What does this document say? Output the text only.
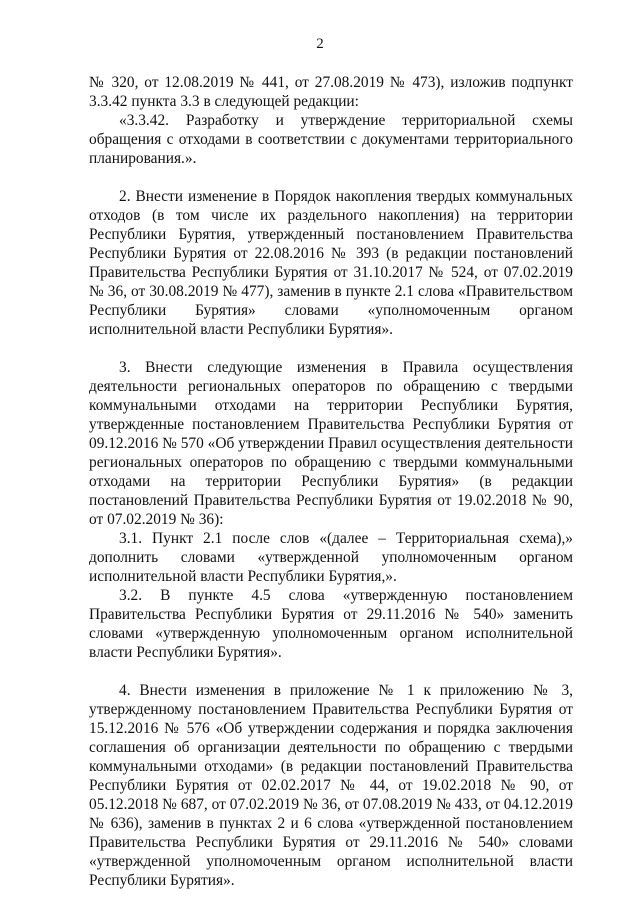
2

№ 320, от 12.08.2019 № 441, от 27.08.2019 № 473), изложив подпункт 3.3.42 пункта 3.3 в следующей редакции:

«3.3.42. Разработку и утверждение территориальной схемы обращения с отходами в соответствии с документами территориального планирования.».

2. Внести изменение в Порядок накопления твердых коммунальных отходов (в том числе их раздельного накопления) на территории Республики Бурятия, утвержденный постановлением Правительства Республики Бурятия от 22.08.2016 № 393 (в редакции постановлений Правительства Республики Бурятия от 31.10.2017 № 524, от 07.02.2019 № 36, от 30.08.2019 № 477), заменив в пункте 2.1 слова «Правительством Республики Бурятия» словами «уполномоченным органом исполнительной власти Республики Бурятия».

3. Внести следующие изменения в Правила осуществления деятельности региональных операторов по обращению с твердыми коммунальными отходами на территории Республики Бурятия, утвержденные постановлением Правительства Республики Бурятия от 09.12.2016 № 570 «Об утверждении Правил осуществления деятельности региональных операторов по обращению с твердыми коммунальными отходами на территории Республики Бурятия» (в редакции постановлений Правительства Республики Бурятия от 19.02.2018 № 90, от 07.02.2019 № 36):

3.1. Пункт 2.1 после слов «(далее – Территориальная схема),» дополнить словами «утвержденной уполномоченным органом исполнительной власти Республики Бурятия,».

3.2. В пункте 4.5 слова «утвержденную постановлением Правительства Республики Бурятия от 29.11.2016 № 540» заменить словами «утвержденную уполномоченным органом исполнительной власти Республики Бурятия».

4. Внести изменения в приложение № 1 к приложению № 3, утвержденному постановлением Правительства Республики Бурятия от 15.12.2016 № 576 «Об утверждении содержания и порядка заключения соглашения об организации деятельности по обращению с твердыми коммунальными отходами» (в редакции постановлений Правительства Республики Бурятия от 02.02.2017 № 44, от 19.02.2018 № 90, от 05.12.2018 № 687, от 07.02.2019 № 36, от 07.08.2019 № 433, от 04.12.2019 № 636), заменив в пунктах 2 и 6 слова «утвержденной постановлением Правительства Республики Бурятия от 29.11.2016 № 540» словами «утвержденной уполномоченным органом исполнительной власти Республики Бурятия».
